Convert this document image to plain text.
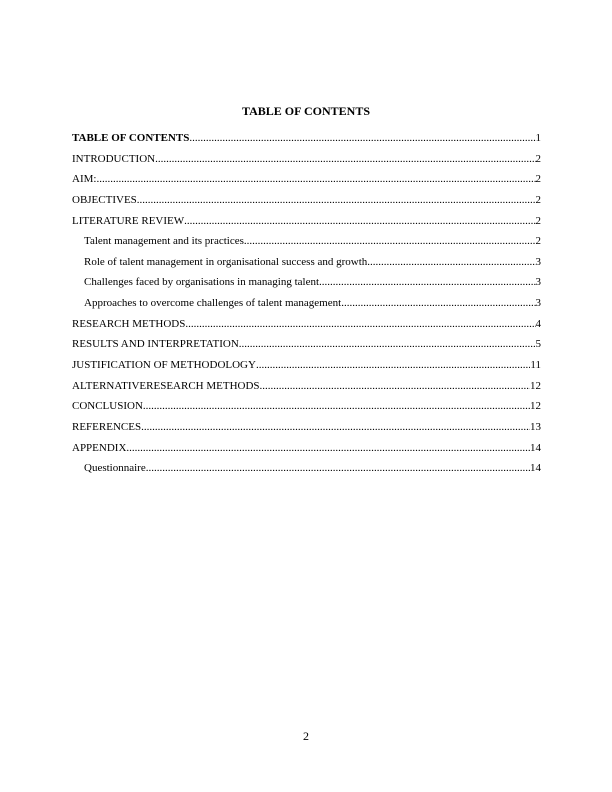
TABLE OF CONTENTS
TABLE OF CONTENTS .....	1
INTRODUCTION .....	2
AIM: .....	2
OBJECTIVES .....	2
LITERATURE REVIEW .....	2
Talent management and its practices .....	2
Role of talent management in organisational success and growth .....	3
Challenges faced by organisations in managing talent .....	3
Approaches to overcome challenges of talent management .....	3
RESEARCH METHODS .....	4
RESULTS AND INTERPRETATION .....	5
JUSTIFICATION OF METHODOLOGY .....	11
ALTERNATIVERESEARCH METHODS .....	12
CONCLUSION .....	12
REFERENCES .....	13
APPENDIX .....	14
Questionnaire .....	14
2
